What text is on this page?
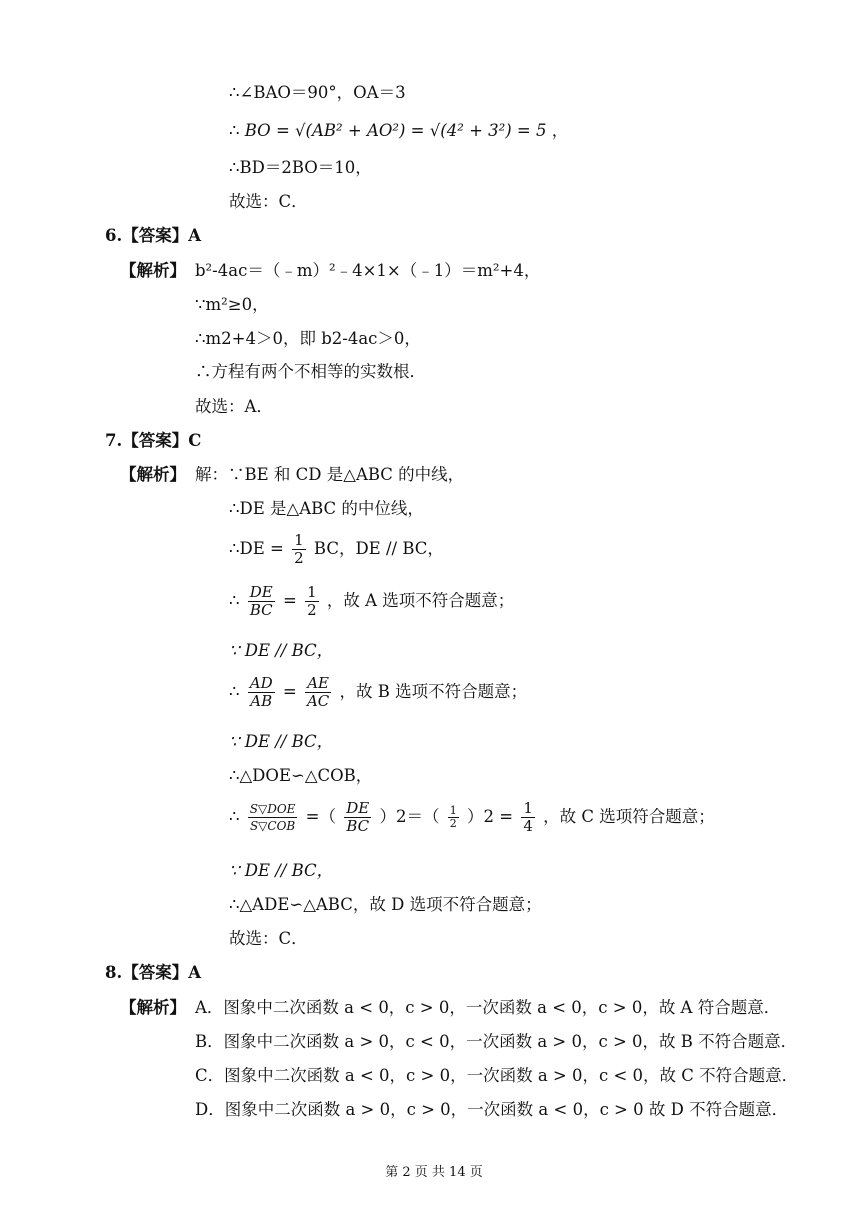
∴∠BAO＝90°，OA＝3
∴ BO = √(AB² + AO²) = √(4² + 3²) = 5 ，
∴BD＝2BO＝10，
故选：C．
6.【答案】A
【解析】 b²-4ac＝（﹣m）²﹣4×1×（﹣1）＝m²+4，
∵m²≥0，
∴m2+4＞0，即 b2-4ac＞0，
∴方程有两个不相等的实数根．
故选：A．
7.【答案】C
【解析】 解：∵BE 和 CD 是△ABC 的中线，
∴DE 是△ABC 的中位线，
∴DE = $\frac{1}{2}$ BC，DE // BC，
∴ $\frac{DE}{BC} = \frac{1}{2}$ ，故 A 选项不符合题意；
∵ DE // BC，
∴ $\frac{AD}{AB} = \frac{AE}{AC}$ ，故 B 选项不符合题意；
∵ DE // BC，
∴△DOE∽△COB，
∴ $\frac{\text{S▽DOE}}{\text{S▽COB}}$ =（ $\frac{DE}{BC} )2=( \frac{1}{2} )2 = \frac{1}{4}$ ，故 C 选项符合题意；
∵ DE // BC，
∴△ADE∽△ABC，故 D 选项不符合题意；
故选：C．
8.【答案】A
【解析】 A．图象中二次函数 a < 0，c > 0，一次函数 a < 0，c > 0，故 A 符合题意．
B．图象中二次函数 a > 0，c < 0，一次函数 a > 0，c > 0，故 B 不符合题意．
C．图象中二次函数 a < 0，c > 0，一次函数 a > 0，c < 0，故 C 不符合题意．
D．图象中二次函数 a > 0，c > 0，一次函数 a < 0，c > 0 故 D 不符合题意．
第 2 页 共 14 页
